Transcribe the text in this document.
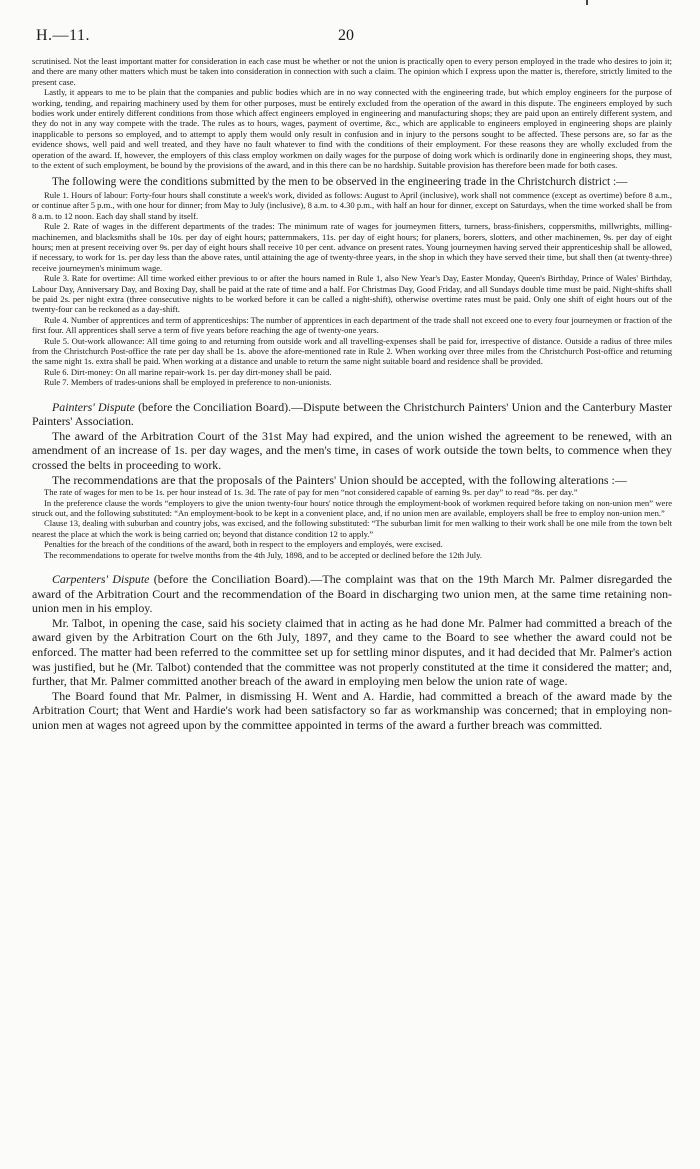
H.—11.	20

scrutinised. Not the least important matter for consideration in each case must be whether or not the union is practically open to every person employed in the trade who desires to join it; and there are many other matters which must be taken into consideration in connection with such a claim. The opinion which I express upon the matter is, therefore, strictly limited to the present case.

Lastly, it appears to me to be plain that the companies and public bodies which are in no way connected with the engineering trade, but which employ engineers for the purpose of working, tending, and repairing machinery used by them for other purposes, must be entirely excluded from the operation of the award in this dispute. The engineers employed by such bodies work under entirely different conditions from those which affect engineers employed in engineering and manufacturing shops; they are paid upon an entirely different system, and they do not in any way compete with the trade. The rules as to hours, wages, payment of overtime, &c., which are applicable to engineers employed in engineering shops are plainly inapplicable to persons so employed, and to attempt to apply them would only result in confusion and in injury to the persons sought to be affected. These persons are, so far as the evidence shows, well paid and well treated, and they have no fault whatever to find with the conditions of their employment. For these reasons they are wholly excluded from the operation of the award. If, however, the employers of this class employ workmen on daily wages for the purpose of doing work which is ordinarily done in engineering shops, they must, to the extent of such employment, be bound by the provisions of the award, and in this there can be no hardship. Suitable provision has therefore been made for both cases.

The following were the conditions submitted by the men to be observed in the engineering trade in the Christchurch district :—

Rule 1. Hours of labour: Forty-four hours shall constitute a week's work, divided as follows: August to April (inclusive), work shall not commence (except as overtime) before 8 a.m., or continue after 5 p.m., with one hour for dinner; from May to July (inclusive), 8 a.m. to 4.30 p.m., with half an hour for dinner, except on Saturdays, when the time worked shall be from 8 a.m. to 12 noon. Each day shall stand by itself.

Rule 2. Rate of wages in the different departments of the trades: The minimum rate of wages for journeymen fitters, turners, brass-finishers, coppersmiths, millwrights, milling-machinemen, and blacksmiths shall be 10s. per day of eight hours; patternmakers, 11s. per day of eight hours; for planers, borers, slotters, and other machinemen, 9s. per day of eight hours; men at present receiving over 9s. per day of eight hours shall receive 10 per cent. advance on present rates. Young journeymen having served their apprenticeship shall be allowed, if necessary, to work for 1s. per day less than the above rates, until attaining the age of twenty-three years, in the shop in which they have served their time, but shall then (at twenty-three) receive journeymen's minimum wage.

Rule 3. Rate for overtime: All time worked either previous to or after the hours named in Rule 1, also New Year's Day, Easter Monday, Queen's Birthday, Prince of Wales' Birthday, Labour Day, Anniversary Day, and Boxing Day, shall be paid at the rate of time and a half. For Christmas Day, Good Friday, and all Sundays double time must be paid. Night-shifts shall be paid 2s. per night extra (three consecutive nights to be worked before it can be called a night-shift), otherwise overtime rates must be paid. Only one shift of eight hours out of the twenty-four can be reckoned as a day-shift.

Rule 4. Number of apprentices and term of apprenticeships: The number of apprentices in each department of the trade shall not exceed one to every four journeymen or fraction of the first four. All apprentices shall serve a term of five years before reaching the age of twenty-one years.

Rule 5. Out-work allowance: All time going to and returning from outside work and all travelling-expenses shall be paid for, irrespective of distance. Outside a radius of three miles from the Christchurch Post-office the rate per day shall be 1s. above the afore-mentioned rate in Rule 2. When working over three miles from the Christchurch Post-office and returning the same night 1s. extra shall be paid. When working at a distance and unable to return the same night suitable board and residence shall be provided.

Rule 6. Dirt-money: On all marine repair-work 1s. per day dirt-money shall be paid.

Rule 7. Members of trades-unions shall be employed in preference to non-unionists.

Painters' Dispute (before the Conciliation Board).—Dispute between the Christchurch Painters' Union and the Canterbury Master Painters' Association.

The award of the Arbitration Court of the 31st May had expired, and the union wished the agreement to be renewed, with an amendment of an increase of 1s. per day wages, and the men's time, in cases of work outside the town belts, to commence when they crossed the belts in proceeding to work.

The recommendations are that the proposals of the Painters' Union should be accepted, with the following alterations :—

The rate of wages for men to be 1s. per hour instead of 1s. 3d. The rate of pay for men “not considered capable of earning 9s. per day” to read “8s. per day.”

In the preference clause the words “employers to give the union twenty-four hours' notice through the employment-book of workmen required before taking on non-union men” were struck out, and the following substituted: “An employment-book to be kept in a convenient place, and, if no union men are available, employers shall be free to employ non-union men.”

Clause 13, dealing with suburban and country jobs, was excised, and the following substituted: “The suburban limit for men walking to their work shall be one mile from the town belt nearest the place at which the work is being carried on; beyond that distance condition 12 to apply.”

Penalties for the breach of the conditions of the award, both in respect to the employers and employés, were excised.

The recommendations to operate for twelve months from the 4th July, 1898, and to be accepted or declined before the 12th July.

Carpenters' Dispute (before the Conciliation Board).—The complaint was that on the 19th March Mr. Palmer disregarded the award of the Arbitration Court and the recommendation of the Board in discharging two union men, at the same time retaining non-union men in his employ.

Mr. Talbot, in opening the case, said his society claimed that in acting as he had done Mr. Palmer had committed a breach of the award given by the Arbitration Court on the 6th July, 1897, and they came to the Board to see whether the award could not be enforced. The matter had been referred to the committee set up for settling minor disputes, and it had decided that Mr. Palmer's action was justified, but he (Mr. Talbot) contended that the committee was not properly constituted at the time it considered the matter; and, further, that Mr. Palmer committed another breach of the award in employing men below the union rate of wage.

The Board found that Mr. Palmer, in dismissing H. Went and A. Hardie, had committed a breach of the award made by the Arbitration Court; that Went and Hardie's work had been satisfactory so far as workmanship was concerned; that in employing non-union men at wages not agreed upon by the committee appointed in terms of the award a further breach was committed.
